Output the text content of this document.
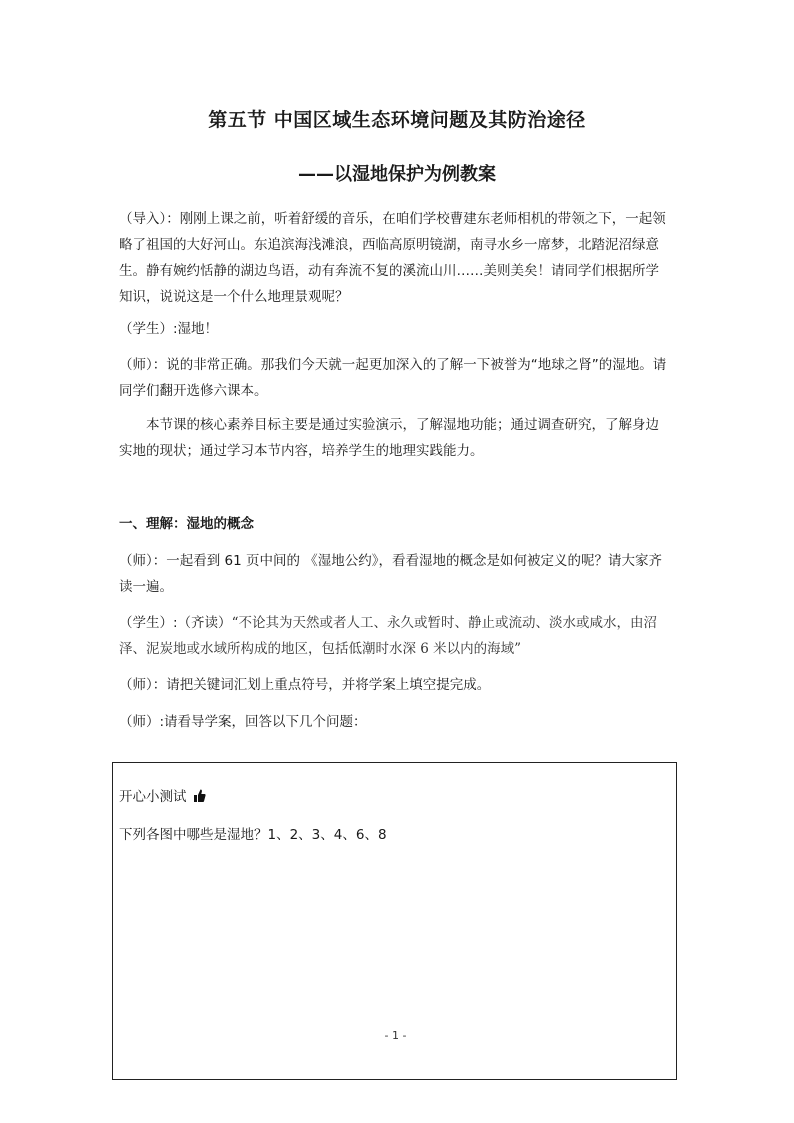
第五节 中国区域生态环境问题及其防治途径
——以湿地保护为例教案

（导入）：刚刚上课之前，听着舒缓的音乐，在咱们学校曹建东老师相机的带领之下，一起领略了祖国的大好河山。东追滨海浅滩浪，西临高原明镜湖，南寻水乡一席梦，北踏泥沼绿意生。静有婉约恬静的湖边鸟语，动有奔流不复的溪流山川……美则美矣！请同学们根据所学知识，说说这是一个什么地理景观呢？

（学生）:湿地！

（师）：说的非常正确。那我们今天就一起更加深入的了解一下被誉为“地球之肾”的湿地。请同学们翻开选修六课本。

本节课的核心素养目标主要是通过实验演示，了解湿地功能；通过调查研究，了解身边实地的现状；通过学习本节内容，培养学生的地理实践能力。

一、理解：湿地的概念

（师）：一起看到 61 页中间的 《湿地公约》，看看湿地的概念是如何被定义的呢？请大家齐读一遍。

（学生）:（齐读）“不论其为天然或者人工、永久或暂时、静止或流动、淡水或咸水，由沼泽、泥炭地或水域所构成的地区，包括低潮时水深 6 米以内的海域”

（师）：请把关键词汇划上重点符号，并将学案上填空提完成。

（师）:请看导学案，回答以下几个问题：

开心小测试

下列各图中哪些是湿地？1、2、3、4、6、8

- 1 -
